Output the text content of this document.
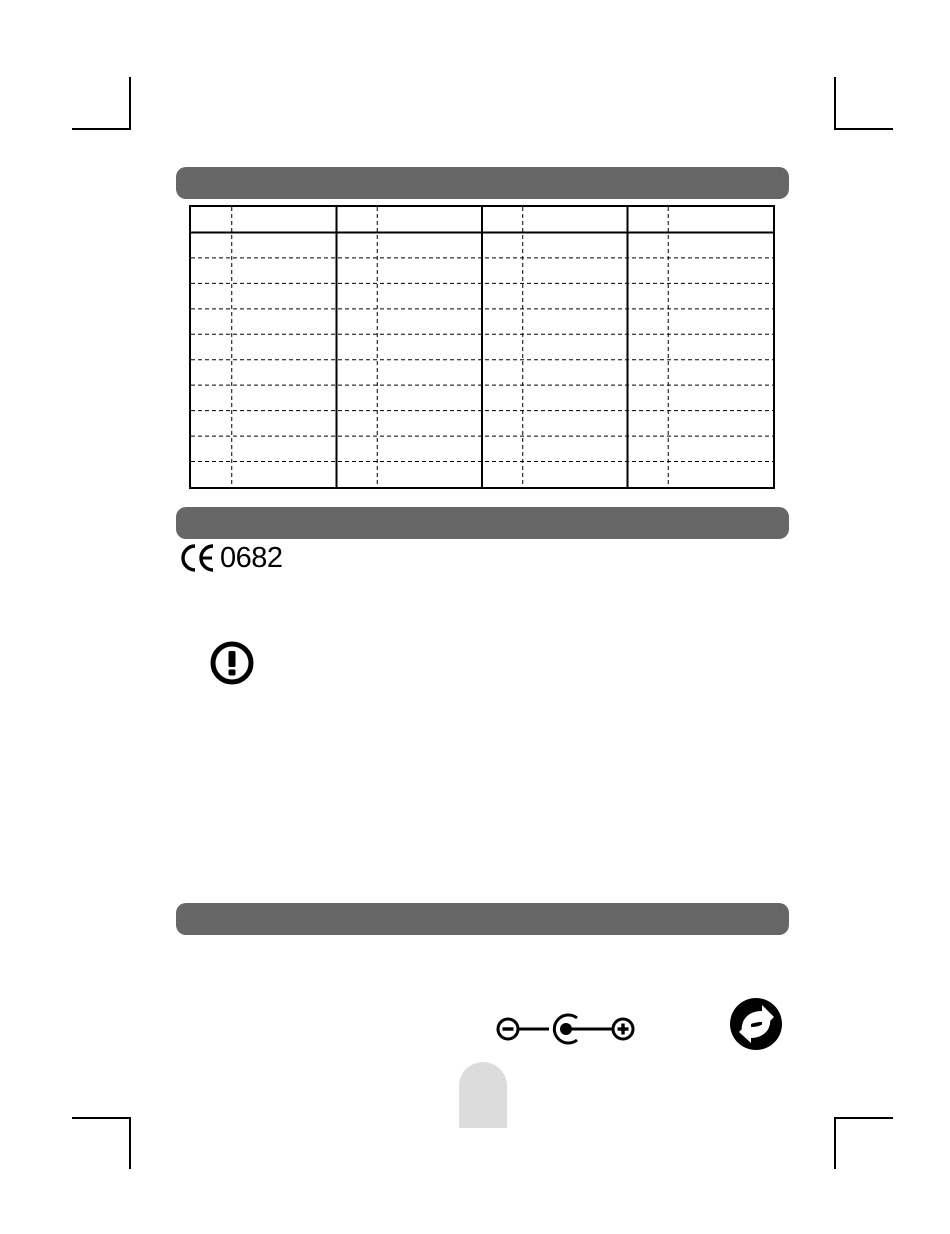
0682
